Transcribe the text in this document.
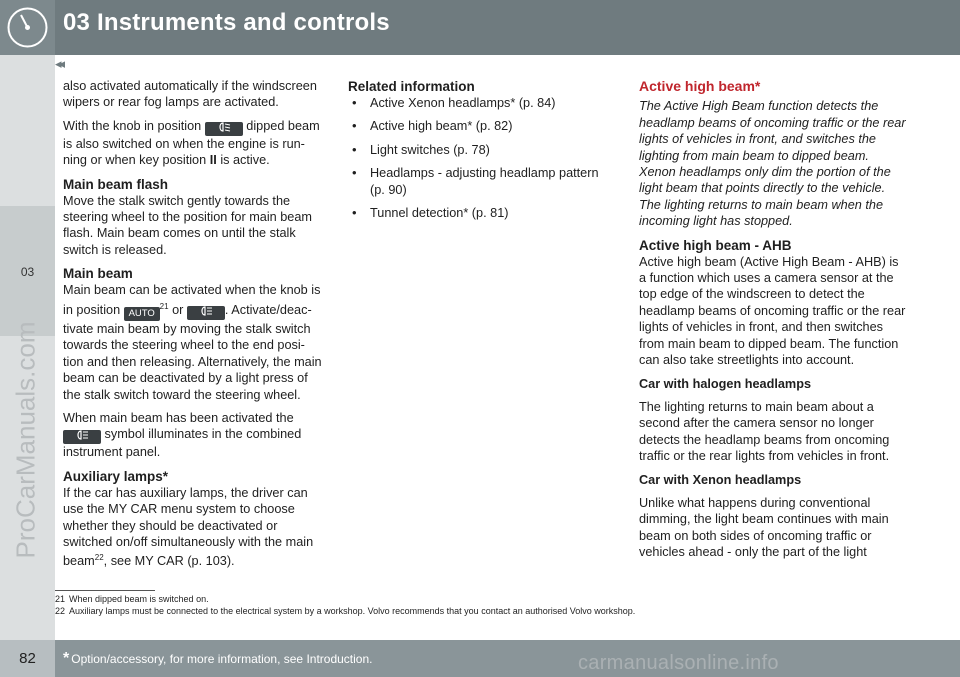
03 Instruments and controls
03
◂◂
ProCarManuals.com

also activated automatically if the windscreen wipers or rear fog lamps are activated.

With the knob in position	dipped beam is also switched on when the engine is run-ning or when key position II is active.

Main beam flash

Move the stalk switch gently towards the steering wheel to the position for main beam flash. Main beam comes on until the stalk switch is released.

Main beam

Main beam can be activated when the knob is in position AUTO$^{21}$ or	. Activate/deac-tivate main beam by moving the stalk switch towards the steering wheel to the end posi-tion and then releasing. Alternatively, the main beam can be deactivated by a light press of the stalk switch toward the steering wheel.

When main beam has been activated the  symbol illuminates in the combined instrument panel.

Auxiliary lamps*

If the car has auxiliary lamps, the driver can use the MY CAR menu system to choose whether they should be deactivated or switched on/off simultaneously with the main beam$^{22}$, see MY CAR (p. 103).

Related information
• Active Xenon headlamps* (p. 84)
• Active high beam* (p. 82)
• Light switches (p. 78)
• Headlamps - adjusting headlamp pattern (p. 90)
• Tunnel detection* (p. 81)
Active high beam*

The Active High Beam function detects the headlamp beams of oncoming traffic or the rear lights of vehicles in front, and switches the lighting from main beam to dipped beam. Xenon headlamps only dim the portion of the light beam that points directly to the vehicle. The lighting returns to main beam when the incoming light has stopped.

Active high beam - AHB

Active high beam (Active High Beam - AHB) is a function which uses a camera sensor at the top edge of the windscreen to detect the headlamp beams of oncoming traffic or the rear lights of vehicles in front, and then switches from main beam to dipped beam. The function can also take streetlights into account.

Car with halogen headlamps

The lighting returns to main beam about a second after the camera sensor no longer detects the headlamp beams from oncoming traffic or the rear lights from vehicles in front.

Car with Xenon headlamps

Unlike what happens during conventional dimming, the light beam continues with main beam on both sides of oncoming traffic or vehicles ahead - only the part of the light

21 When dipped beam is switched on.
22 Auxiliary lamps must be connected to the electrical system by a workshop. Volvo recommends that you contact an authorised Volvo workshop.
82	* Option/accessory, for more information, see Introduction.	carmanualsonline.info
